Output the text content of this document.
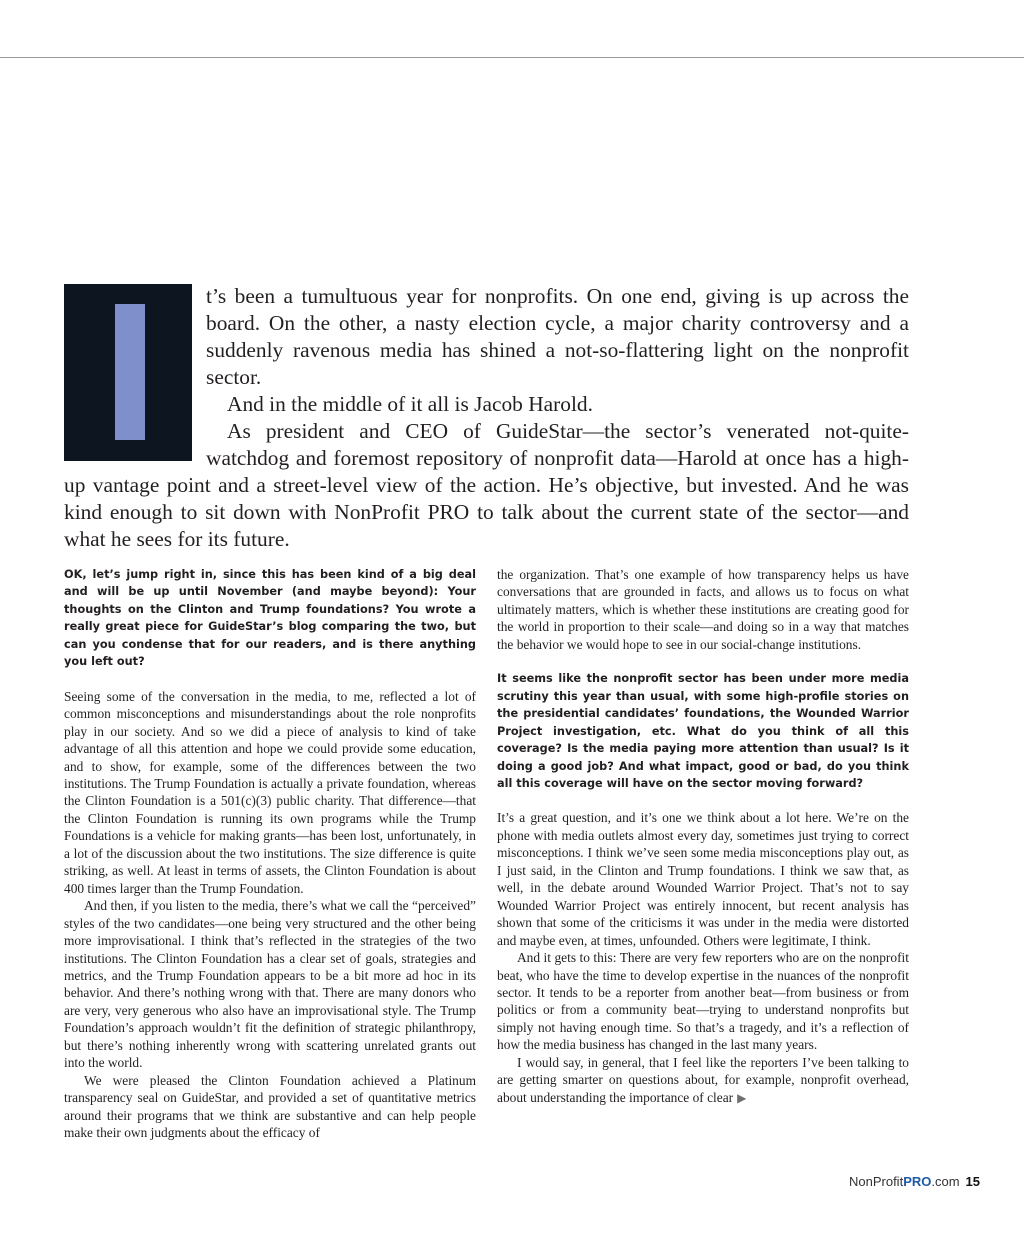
t’s been a tumultuous year for nonprofits. On one end, giving is up across the board. On the other, a nasty election cycle, a major charity controversy and a suddenly ravenous media has shined a not-so-flattering light on the nonprofit sector.

And in the middle of it all is Jacob Harold.

As president and CEO of GuideStar—the sector’s venerated not-quite-watchdog and foremost repository of nonprofit data—Harold at once has a high-up vantage point and a street-level view of the action. He’s objective, but invested. And he was kind enough to sit down with NonProfit PRO to talk about the current state of the sector—and what he sees for its future.

OK, let’s jump right in, since this has been kind of a big deal and will be up until November (and maybe beyond): Your thoughts on the Clinton and Trump foundations? You wrote a really great piece for GuideStar’s blog comparing the two, but can you condense that for our readers, and is there anything you left out?

Seeing some of the conversation in the media, to me, reflected a lot of common misconceptions and misunderstandings about the role nonprofits play in our society. And so we did a piece of analysis to kind of take advantage of all this attention and hope we could provide some education, and to show, for example, some of the differences between the two institutions. The Trump Foundation is actually a private foundation, whereas the Clinton Foundation is a 501(c)(3) public charity. That difference—that the Clinton Foundation is running its own programs while the Trump Foundations is a vehicle for making grants—has been lost, unfortunately, in a lot of the discussion about the two institutions. The size difference is quite striking, as well. At least in terms of assets, the Clinton Foundation is about 400 times larger than the Trump Foundation.

And then, if you listen to the media, there’s what we call the “perceived” styles of the two candidates—one being very structured and the other being more improvisational. I think that’s reflected in the strategies of the two institutions. The Clinton Foundation has a clear set of goals, strategies and metrics, and the Trump Foundation appears to be a bit more ad hoc in its behavior. And there’s nothing wrong with that. There are many donors who are very, very generous who also have an improvisational style. The Trump Foundation’s approach wouldn’t fit the definition of strategic philanthropy, but there’s nothing inherently wrong with scattering unrelated grants out into the world.

We were pleased the Clinton Foundation achieved a Platinum transparency seal on GuideStar, and provided a set of quantitative metrics around their programs that we think are substantive and can help people make their own judgments about the efficacy of

the organization. That’s one example of how transparency helps us have conversations that are grounded in facts, and allows us to focus on what ultimately matters, which is whether these institutions are creating good for the world in proportion to their scale—and doing so in a way that matches the behavior we would hope to see in our social-change institutions.

It seems like the nonprofit sector has been under more media scrutiny this year than usual, with some high-profile stories on the presidential candidates’ foundations, the Wounded Warrior Project investigation, etc. What do you think of all this coverage? Is the media paying more attention than usual? Is it doing a good job? And what impact, good or bad, do you think all this coverage will have on the sector moving forward?

It’s a great question, and it’s one we think about a lot here. We’re on the phone with media outlets almost every day, sometimes just trying to correct misconceptions. I think we’ve seen some media misconceptions play out, as I just said, in the Clinton and Trump foundations. I think we saw that, as well, in the debate around Wounded Warrior Project. That’s not to say Wounded Warrior Project was entirely innocent, but recent analysis has shown that some of the criticisms it was under in the media were distorted and maybe even, at times, unfounded. Others were legitimate, I think.

And it gets to this: There are very few reporters who are on the nonprofit beat, who have the time to develop expertise in the nuances of the nonprofit sector. It tends to be a reporter from another beat—from business or from politics or from a community beat—trying to understand nonprofits but simply not having enough time. So that’s a tragedy, and it’s a reflection of how the media business has changed in the last many years.

I would say, in general, that I feel like the reporters I’ve been talking to are getting smarter on questions about, for example, nonprofit overhead, about understanding the importance of clear ▶

NonProfitPRO.com 15
